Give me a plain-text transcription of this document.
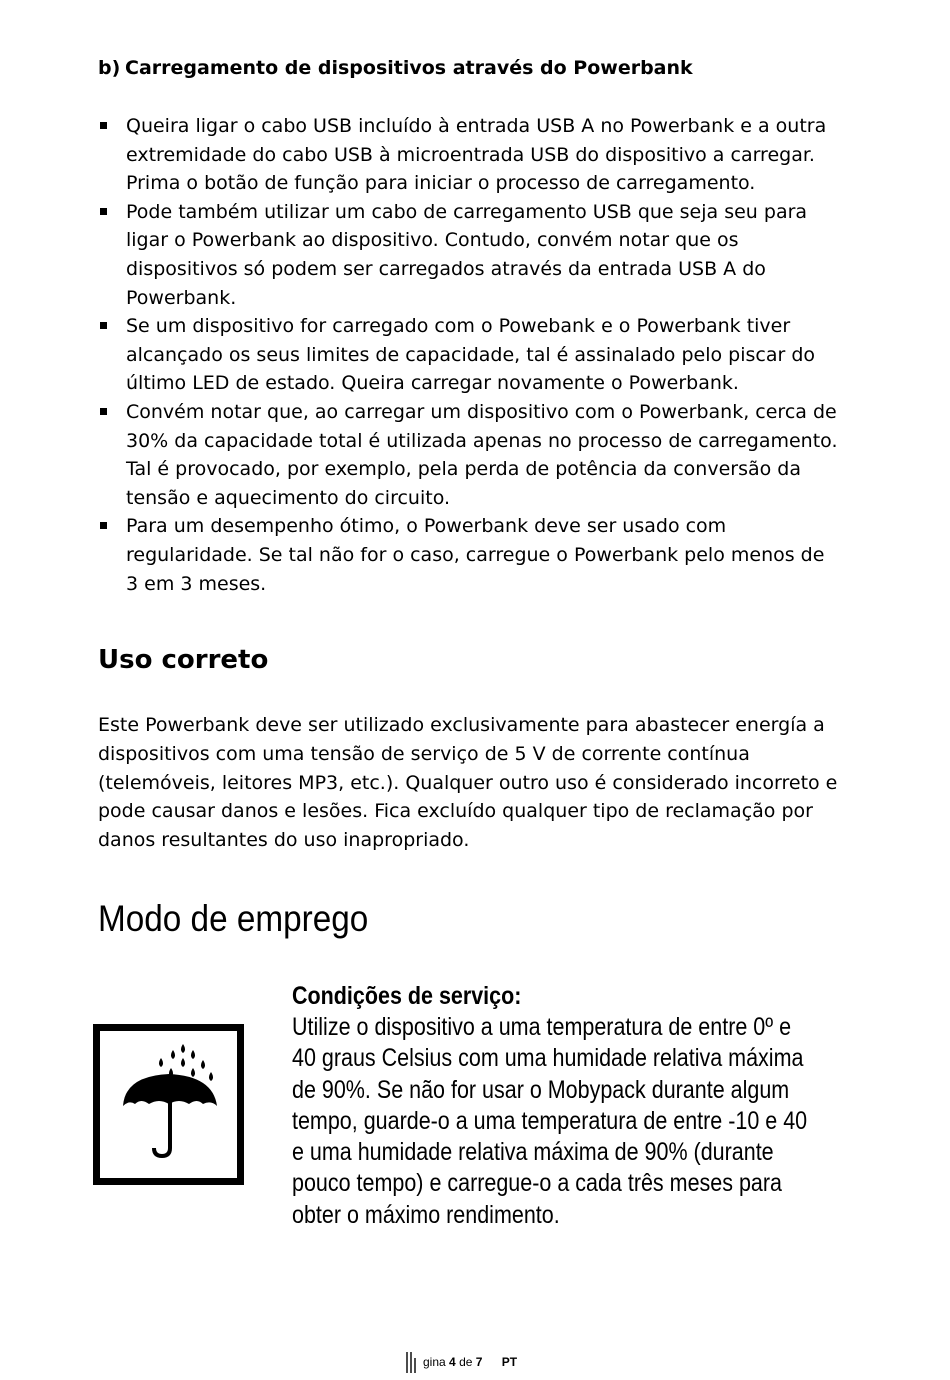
b) Carregamento de dispositivos através do Powerbank
Queira ligar o cabo USB incluído à entrada USB A no Powerbank e a outra extremidade do cabo USB à microentrada USB do dispositivo a carregar. Prima o botão de função para iniciar o processo de carregamento.
Pode também utilizar um cabo de carregamento USB que seja seu para ligar o Powerbank ao dispositivo. Contudo, convém notar que os dispositivos só podem ser carregados através da entrada USB A do Powerbank.
Se um dispositivo for carregado com o Powebank e o Powerbank tiver alcançado os seus limites de capacidade, tal é assinalado pelo piscar do último LED de estado. Queira carregar novamente o Powerbank.
Convém notar que, ao carregar um dispositivo com o Powerbank, cerca de 30% da capacidade total é utilizada apenas no processo de carregamento. Tal é provocado, por exemplo, pela perda de potência da conversão da tensão e aquecimento do circuito.
Para um desempenho ótimo, o Powerbank deve ser usado com regularidade. Se tal não for o caso, carregue o Powerbank pelo menos de 3 em 3 meses.
Uso correto

Este Powerbank deve ser utilizado exclusivamente para abastecer energía a dispositivos com uma tensão de serviço de 5 V de corrente contínua (telemóveis, leitores MP3, etc.). Qualquer outro uso é considerado incorreto e pode causar danos e lesões. Fica excluído qualquer tipo de reclamação por danos resultantes do uso inapropriado.

Modo de emprego
Condições de serviço:

Utilize o dispositivo a uma temperatura de entre 0º e 40 graus Celsius com uma humidade relativa máxima de 90%. Se não for usar o Mobypack durante algum tempo, guarde-o a uma temperatura de entre -10 e 40 e uma humidade relativa máxima de 90% (durante pouco tempo) e carregue-o a cada três meses para obter o máximo rendimento.

gina 4 de 7 PT
